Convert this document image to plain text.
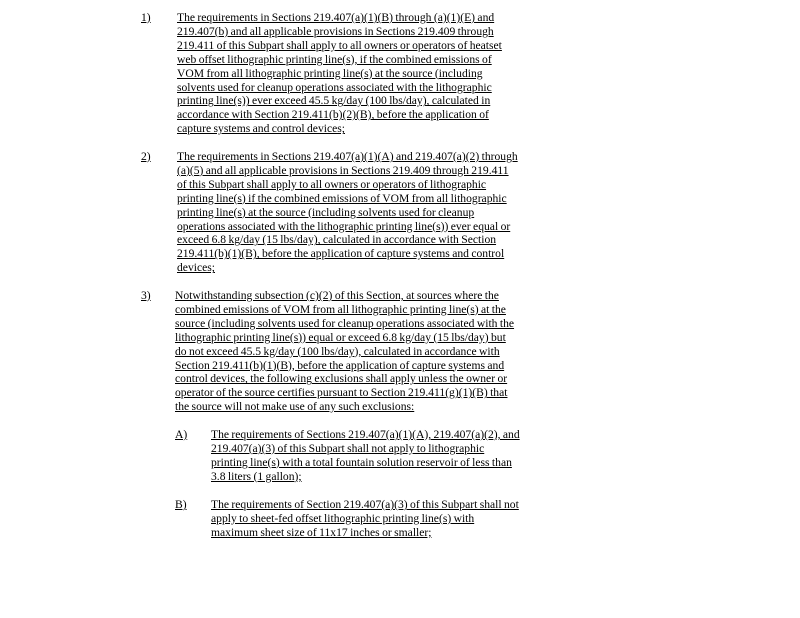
1) The requirements in Sections 219.407(a)(1)(B) through (a)(1)(E) and
219.407(b) and all applicable provisions in Sections 219.409 through
219.411 of this Subpart shall apply to all owners or operators of heatset
web offset lithographic printing line(s), if the combined emissions of
VOM from all lithographic printing line(s) at the source (including
solvents used for cleanup operations associated with the lithographic
printing line(s)) ever exceed 45.5 kg/day (100 lbs/day), calculated in
accordance with Section 219.411(b)(2)(B), before the application of
capture systems and control devices;
2) The requirements in Sections 219.407(a)(1)(A) and 219.407(a)(2) through
(a)(5) and all applicable provisions in Sections 219.409 through 219.411
of this Subpart shall apply to all owners or operators of lithographic
printing line(s) if the combined emissions of VOM from all lithographic
printing line(s) at the source (including solvents used for cleanup
operations associated with the lithographic printing line(s)) ever equal or
exceed 6.8 kg/day (15 lbs/day), calculated in accordance with Section
219.411(b)(1)(B), before the application of capture systems and control
devices;
3) Notwithstanding subsection (c)(2) of this Section, at sources where the
combined emissions of VOM from all lithographic printing line(s) at the
source (including solvents used for cleanup operations associated with the
lithographic printing line(s)) equal or exceed 6.8 kg/day (15 lbs/day) but
do not exceed 45.5 kg/day (100 lbs/day), calculated in accordance with
Section 219.411(b)(1)(B), before the application of capture systems and
control devices, the following exclusions shall apply unless the owner or
operator of the source certifies pursuant to Section 219.411(g)(1)(B) that
the source will not make use of any such exclusions:
A) The requirements of Sections 219.407(a)(1)(A), 219.407(a)(2), and
219.407(a)(3) of this Subpart shall not apply to lithographic
printing line(s) with a total fountain solution reservoir of less than
3.8 liters (1 gallon);
B) The requirements of Section 219.407(a)(3) of this Subpart shall not
apply to sheet-fed offset lithographic printing line(s) with
maximum sheet size of 11x17 inches or smaller;
